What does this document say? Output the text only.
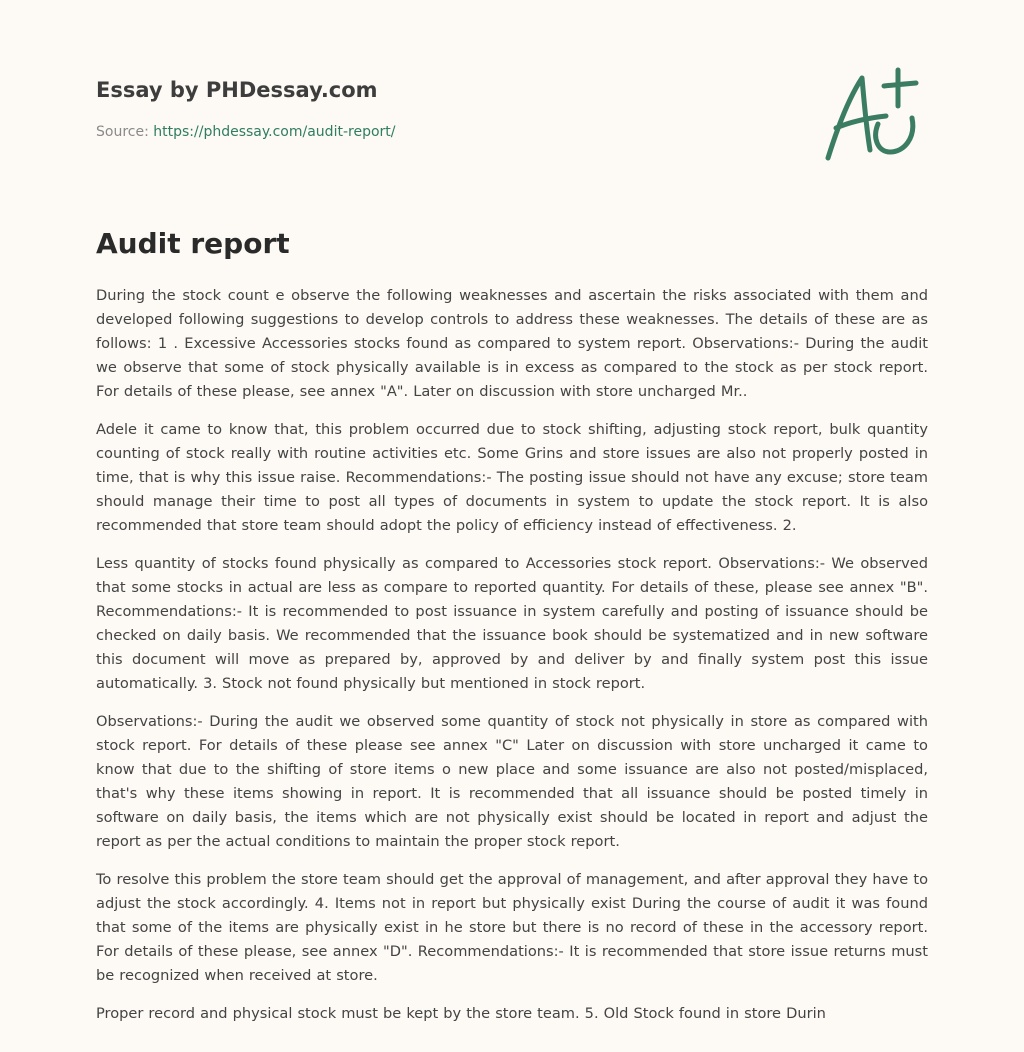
Essay by PHDessay.com
Source: https://phdessay.com/audit-report/
Audit report

During the stock count e observe the following weaknesses and ascertain the risks associated with them and developed following suggestions to develop controls to address these weaknesses. The details of these are as follows: 1 . Excessive Accessories stocks found as compared to system report. Observations:- During the audit we observe that some of stock physically available is in excess as compared to the stock as per stock report. For details of these please, see annex "A". Later on discussion with store uncharged Mr..

Adele it came to know that, this problem occurred due to stock shifting, adjusting stock report, bulk quantity counting of stock really with routine activities etc. Some Grins and store issues are also not properly posted in time, that is why this issue raise. Recommendations:- The posting issue should not have any excuse; store team should manage their time to post all types of documents in system to update the stock report. It is also recommended that store team should adopt the policy of efficiency instead of effectiveness. 2.

Less quantity of stocks found physically as compared to Accessories stock report. Observations:- We observed that some stocks in actual are less as compare to reported quantity. For details of these, please see annex "B". Recommendations:- It is recommended to post issuance in system carefully and posting of issuance should be checked on daily basis. We recommended that the issuance book should be systematized and in new software this document will move as prepared by, approved by and deliver by and finally system post this issue automatically. 3. Stock not found physically but mentioned in stock report.

Observations:- During the audit we observed some quantity of stock not physically in store as compared with stock report. For details of these please see annex "C" Later on discussion with store uncharged it came to know that due to the shifting of store items o new place and some issuance are also not posted/misplaced, that's why these items showing in report. It is recommended that all issuance should be posted timely in software on daily basis, the items which are not physically exist should be located in report and adjust the report as per the actual conditions to maintain the proper stock report.

To resolve this problem the store team should get the approval of management, and after approval they have to adjust the stock accordingly. 4. Items not in report but physically exist During the course of audit it was found that some of the items are physically exist in he store but there is no record of these in the accessory report. For details of these please, see annex "D". Recommendations:- It is recommended that store issue returns must be recognized when received at store.

Proper record and physical stock must be kept by the store team. 5. Old Stock found in store Durin
